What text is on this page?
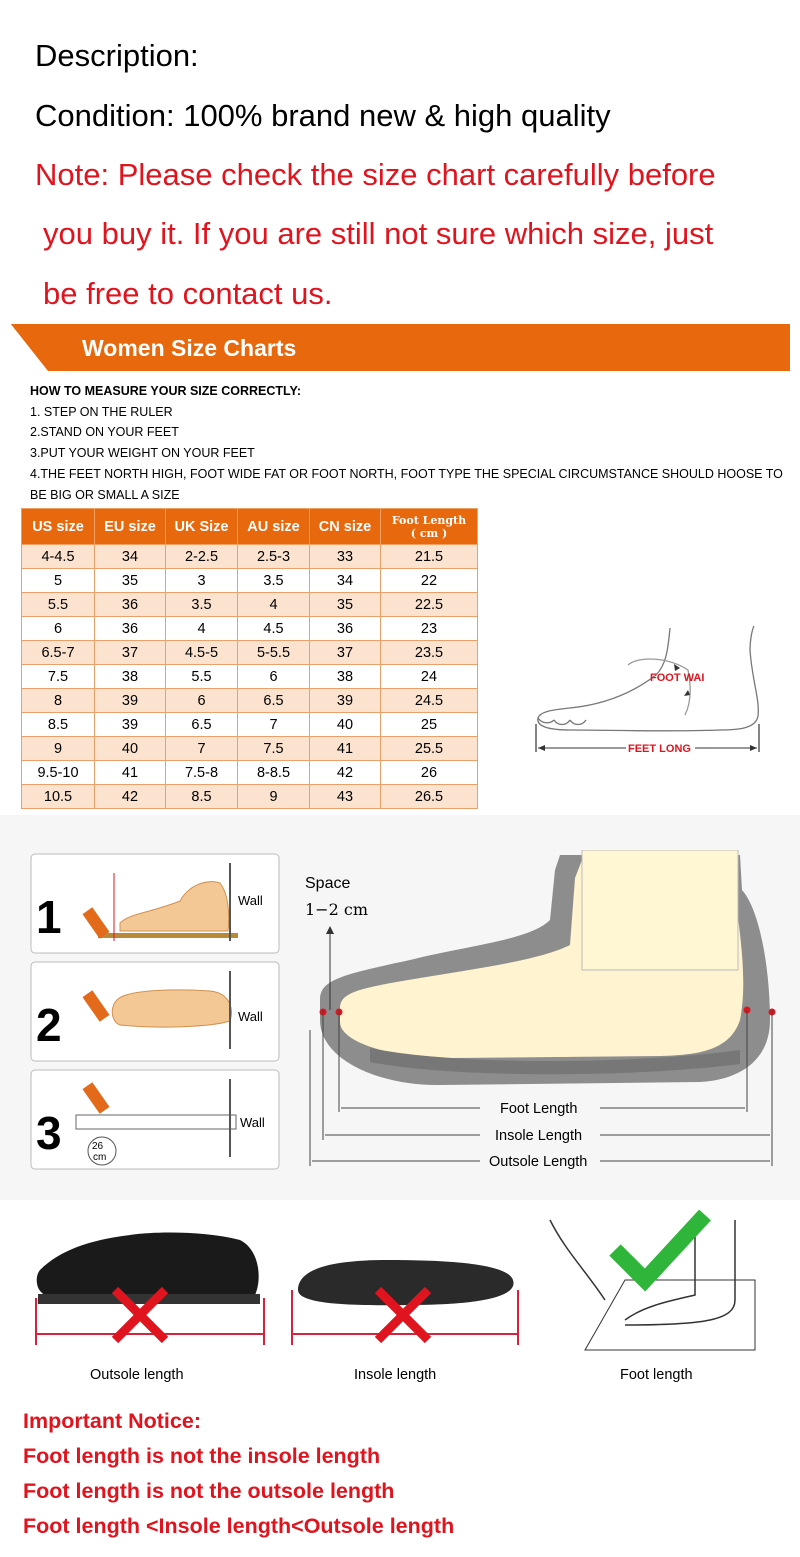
Description:
Condition: 100% brand new & high quality
Note: Please check the size chart carefully before
you buy it. If you are still not sure which size, just
be free to contact us.
Women Size Charts
HOW TO MEASURE YOUR SIZE CORRECTLY:
1. STEP ON THE RULER
2.STAND ON YOUR FEET
3.PUT YOUR WEIGHT ON YOUR FEET
4.THE FEET NORTH HIGH, FOOT WIDE FAT OR FOOT NORTH, FOOT TYPE THE SPECIAL CIRCUMSTANCE SHOULD HOOSE TO BE BIG OR SMALL A SIZE
US size	EU size	UK Size	AU size	CN size	Foot Length
( cm )

4-4.5	34	2-2.5	2.5-3	33	21.5
5	35	3	3.5	34	22
5.5	36	3.5	4	35	22.5
6	36	4	4.5	36	23
6.5-7	37	4.5-5	5-5.5	37	23.5
7.5	38	5.5	6	38	24
8	39	6	6.5	39	24.5
8.5	39	6.5	7	40	25
9	40	7	7.5	41	25.5
9.5-10	41	7.5-8	8-8.5	42	26
10.5	42	8.5	9	43	26.5
FOOT WAI
FEET LONG
1	Wall
2	Wall
3	26
cm
Wall
Space
1−2 cm
Foot Length
Insole Length
Outsole Length
Outsole length	Insole length	Foot length
Important Notice:
Foot length is not the insole length
Foot length is not the outsole length
Foot length <Insole length<Outsole length
